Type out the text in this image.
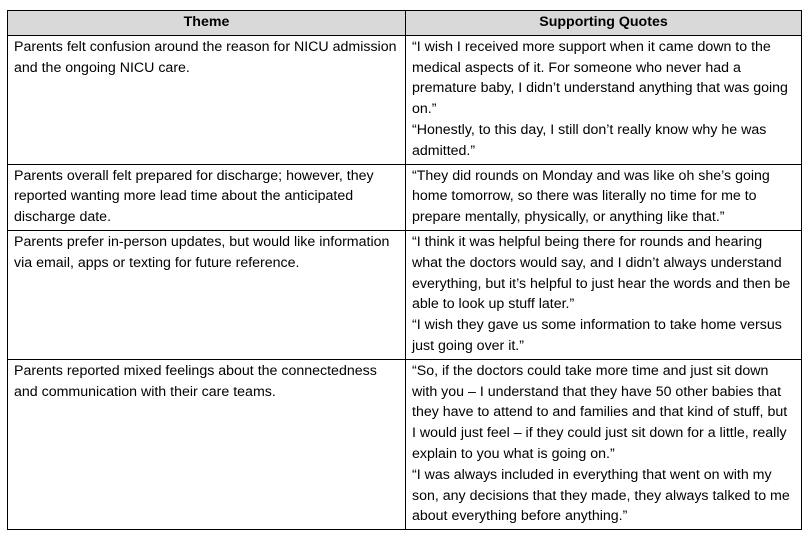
Theme	Supporting Quotes
Parents felt confusion around the reason for NICU admission and the ongoing NICU care.	“I wish I received more support when it came down to the medical aspects of it. For someone who never had a premature baby, I didn’t understand anything that was going on.”
“Honestly, to this day, I still don’t really know why he was admitted.”

Parents overall felt prepared for discharge; however, they reported wanting more lead time about the anticipated discharge date.	“They did rounds on Monday and was like oh she’s going home tomorrow, so there was literally no time for me to prepare mentally, physically, or anything like that.”

Parents prefer in-person updates, but would like information via email, apps or texting for future reference.	“I think it was helpful being there for rounds and hearing what the doctors would say, and I didn’t always understand everything, but it’s helpful to just hear the words and then be able to look up stuff later.”
“I wish they gave us some information to take home versus just going over it.”

Parents reported mixed feelings about the connectedness and communication with their care teams.	“So, if the doctors could take more time and just sit down with you – I understand that they have 50 other babies that they have to attend to and families and that kind of stuff, but I would just feel – if they could just sit down for a little, really explain to you what is going on.”
“I was always included in everything that went on with my son, any decisions that they made, they always talked to me about everything before anything.”
